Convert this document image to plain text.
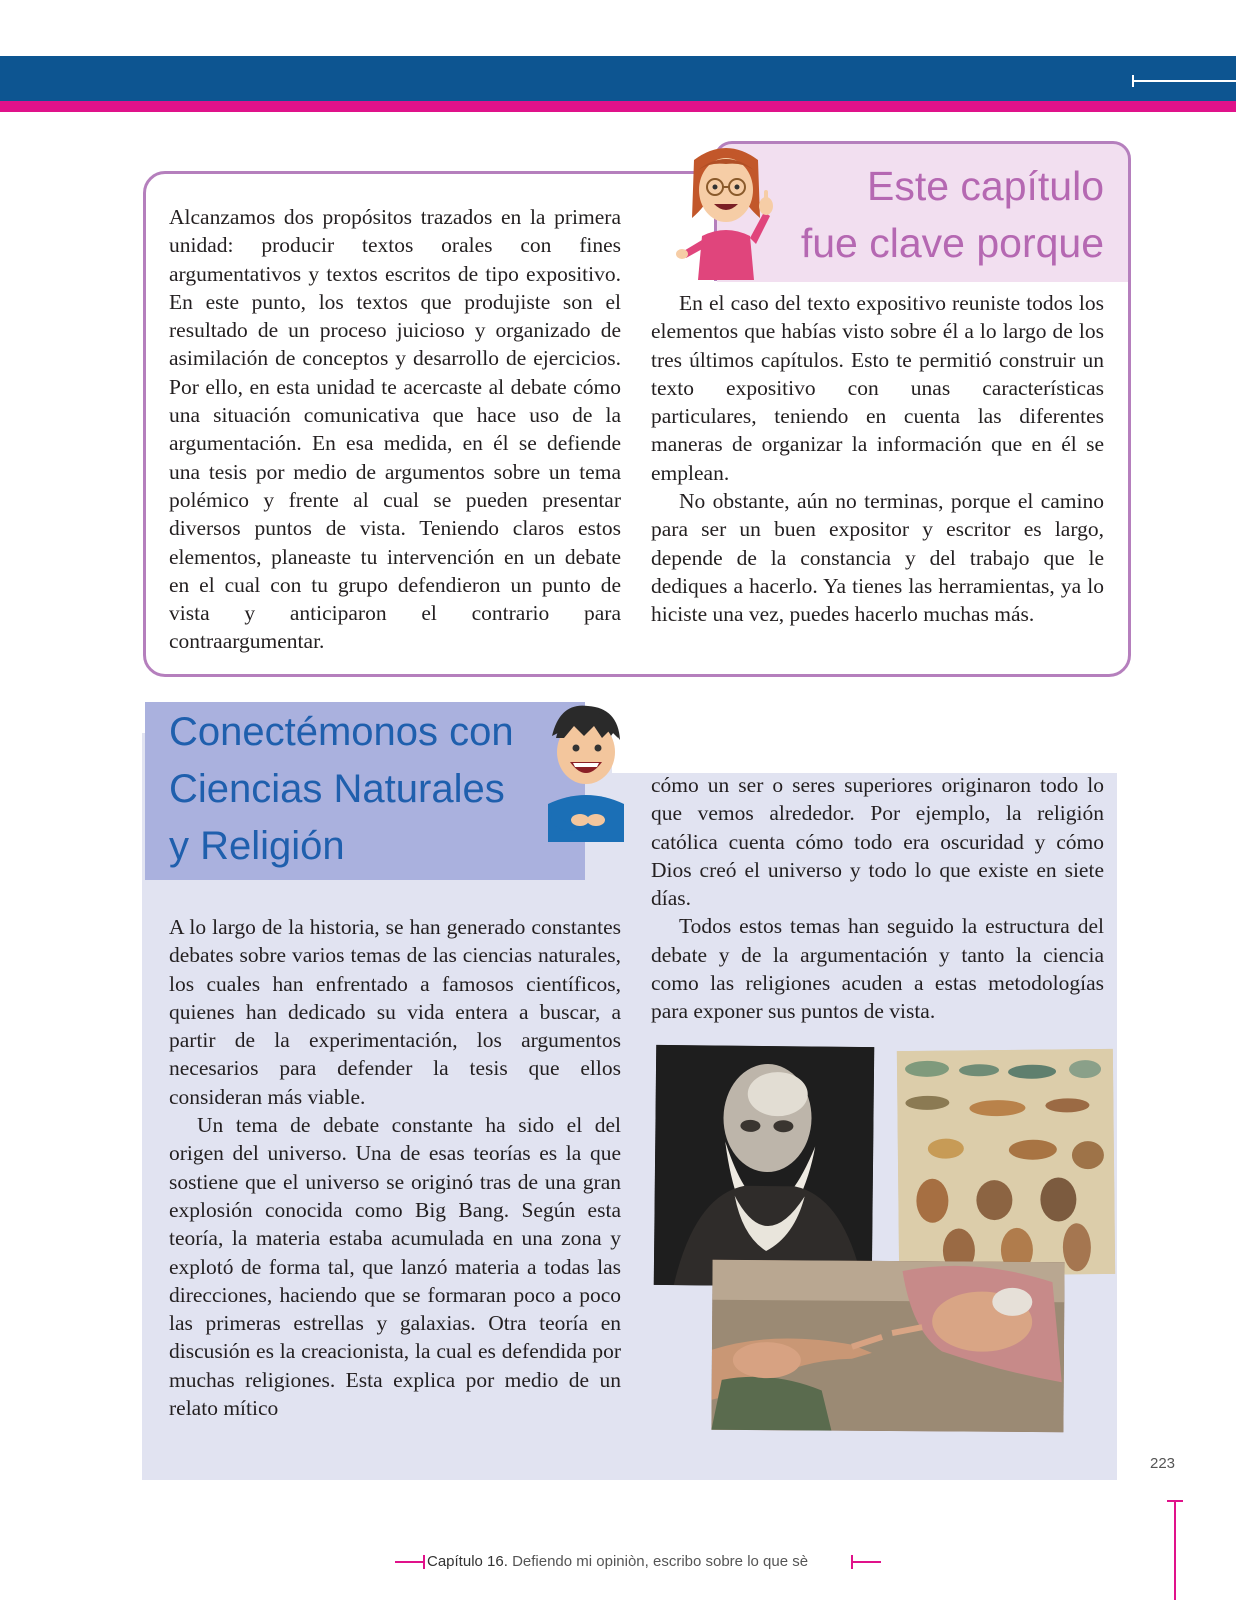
Este capítulo
fue clave porque

Alcanzamos dos propósitos trazados en la primera unidad: producir textos orales con fines argumentativos y textos escritos de tipo expositivo. En este punto, los textos que produjiste son el resultado de un proceso juicioso y organizado de asimilación de conceptos y desarrollo de ejercicios. Por ello, en esta unidad te acercaste al debate cómo una situación comunicativa que hace uso de la argumentación. En esa medida, en él se defiende una tesis por medio de argumentos sobre un tema polémico y frente al cual se pueden presentar diversos puntos de vista. Teniendo claros estos elementos, planeaste tu intervención en un debate en el cual con tu grupo defendieron un punto de vista y anticiparon el contrario para contraargumentar.

En el caso del texto expositivo reuniste todos los elementos que habías visto sobre él a lo largo de los tres últimos capítulos. Esto te permitió construir un texto expositivo con unas características particulares, teniendo en cuenta las diferentes maneras de organizar la información que en él se emplean.

No obstante, aún no terminas, porque el camino para ser un buen expositor y escritor es largo, depende de la constancia y del trabajo que le dediques a hacerlo. Ya tienes las herramientas, ya lo hiciste una vez, puedes hacerlo muchas más.

Conectémonos con
Ciencias Naturales
y Religión

A lo largo de la historia, se han generado constantes debates sobre varios temas de las ciencias naturales, los cuales han enfrentado a famosos científicos, quienes han dedicado su vida entera a buscar, a partir de la experimentación, los argumentos necesarios para defender la tesis que ellos consideran más viable.

Un tema de debate constante ha sido el del origen del universo. Una de esas teorías es la que sostiene que el universo se originó tras de una gran explosión conocida como Big Bang. Según esta teoría, la materia estaba acumulada en una zona y explotó de forma tal, que lanzó materia a todas las direcciones, haciendo que se formaran poco a poco las primeras estrellas y galaxias. Otra teoría en discusión es la creacionista, la cual es defendida por muchas religiones. Esta explica por medio de un relato mítico

cómo un ser o seres superiores originaron todo lo que vemos alrededor. Por ejemplo, la religión católica cuenta cómo todo era oscuridad y cómo Dios creó el universo y todo lo que existe en siete días.

Todos estos temas han seguido la estructura del debate y de la argumentación y tanto la ciencia como las religiones acuden a estas metodologías para exponer sus puntos de vista.

223
Capítulo 16. Defiendo mi opiniòn, escribo sobre lo que sè
